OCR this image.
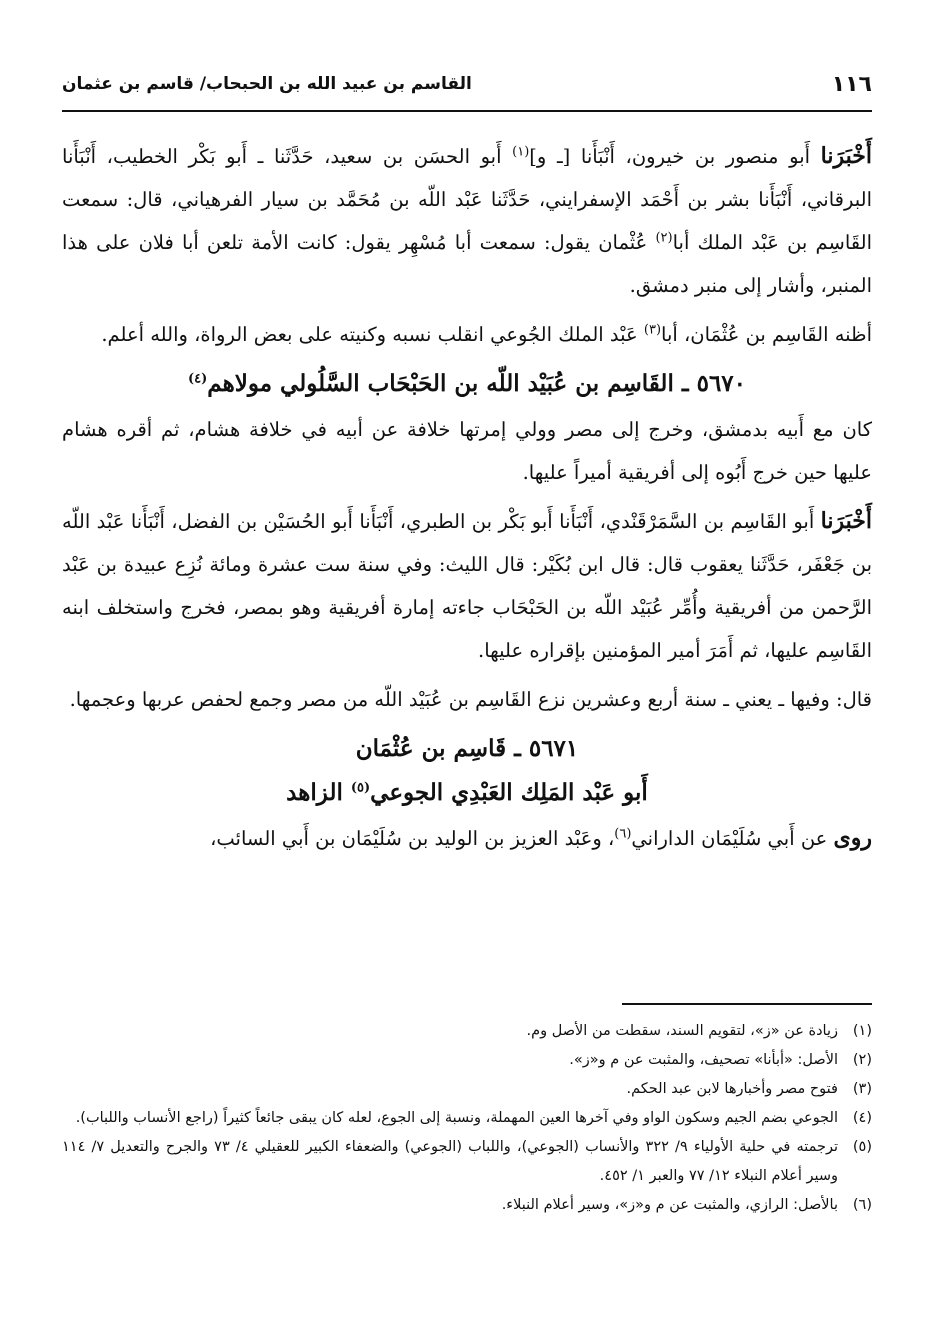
١١٦
القاسم بن عبيد الله بن الحبحاب/ قاسم بن عثمان

أَخْبَرَنا أَبو منصور بن خيرون، أَنْبَأَنا [ـ و]$^{(١)}$ أَبو الحسَن بن سعيد، حَدَّثَنا ـ أَبو بَكْر الخطيب، أَنْبَأَنا البرقاني، أَنْبَأَنا بشر بن أَحْمَد الإسفرايني، حَدَّثَنا عَبْد اللّه بن مُحَمَّد بن سيار الفرهياني، قال: سمعت القَاسِم بن عَبْد الملك أبا$^{(٢)}$ عُثْمان يقول: سمعت أبا مُسْهِر يقول: كانت الأمة تلعن أبا فلان على هذا المنبر، وأشار إلى منبر دمشق.

أظنه القَاسِم بن عُثْمَان، أبا$^{(٣)}$ عَبْد الملك الجُوعي انقلب نسبه وكنيته على بعض الرواة، والله أعلم.

٥٦٧٠ ـ القَاسِم بن عُبَيْد اللّه بن الحَبْحَاب السَّلُولي مولاهم$^{(٤)}$

كان مع أَبيه بدمشق، وخرج إلى مصر وولي إمرتها خلافة عن أبيه في خلافة هشام، ثم أقره هشام عليها حين خرج أَبُوه إلى أفريقية أميراً عليها.

أَخْبَرَنا أَبو القَاسِم بن السَّمَرْقَنْدي، أَنْبَأَنا أَبو بَكْر بن الطبري، أَنْبَأَنا أَبو الحُسَيْن بن الفضل، أَنْبَأَنا عَبْد اللّه بن جَعْفَر، حَدَّثَنا يعقوب قال: قال ابن بُكَيْر: قال الليث: وفي سنة ست عشرة ومائة نُزِع عبيدة بن عَبْد الرَّحمن من أفريقية وأُمِّر عُبَيْد اللّه بن الحَبْحَاب جاءته إمارة أفريقية وهو بمصر، فخرج واستخلف ابنه القَاسِم عليها، ثم أَمَرَ أمير المؤمنين بإقراره عليها.

قال: وفيها ـ يعني ـ سنة أربع وعشرين نزع القَاسِم بن عُبَيْد اللّه من مصر وجمع لحفص عربها وعجمها.

٥٦٧١ ـ قَاسِم بن عُثْمَان
أَبو عَبْد المَلِك العَبْدِي الجوعي$^{(٥)}$ الزاهد

روى عن أَبي سُلَيْمَان الداراني$^{(٦)}$، وعَبْد العزيز بن الوليد بن سُلَيْمَان بن أَبي السائب،

(١)
زيادة عن «ز»، لتقويم السند، سقطت من الأصل وم.
(٢)
الأصل: «أبأنا» تصحيف، والمثبت عن م و«ز».
(٣)
فتوح مصر وأخبارها لابن عبد الحكم.
(٤)
الجوعي بضم الجيم وسكون الواو وفي آخرها العين المهملة، ونسبة إلى الجوع، لعله كان يبقى جائعاً كثيراً (راجع الأنساب واللباب).
(٥)
ترجمته في حلية الأولياء ٩/ ٣٢٢ والأنساب (الجوعي)، واللباب (الجوعي) والضعفاء الكبير للعقيلي ٤/ ٧٣ والجرح والتعديل ٧/ ١١٤ وسير أعلام النبلاء ١٢/ ٧٧ والعبر ١/ ٤٥٢.
(٦)
بالأصل: الرازي، والمثبت عن م و«ز»، وسير أعلام النبلاء.
